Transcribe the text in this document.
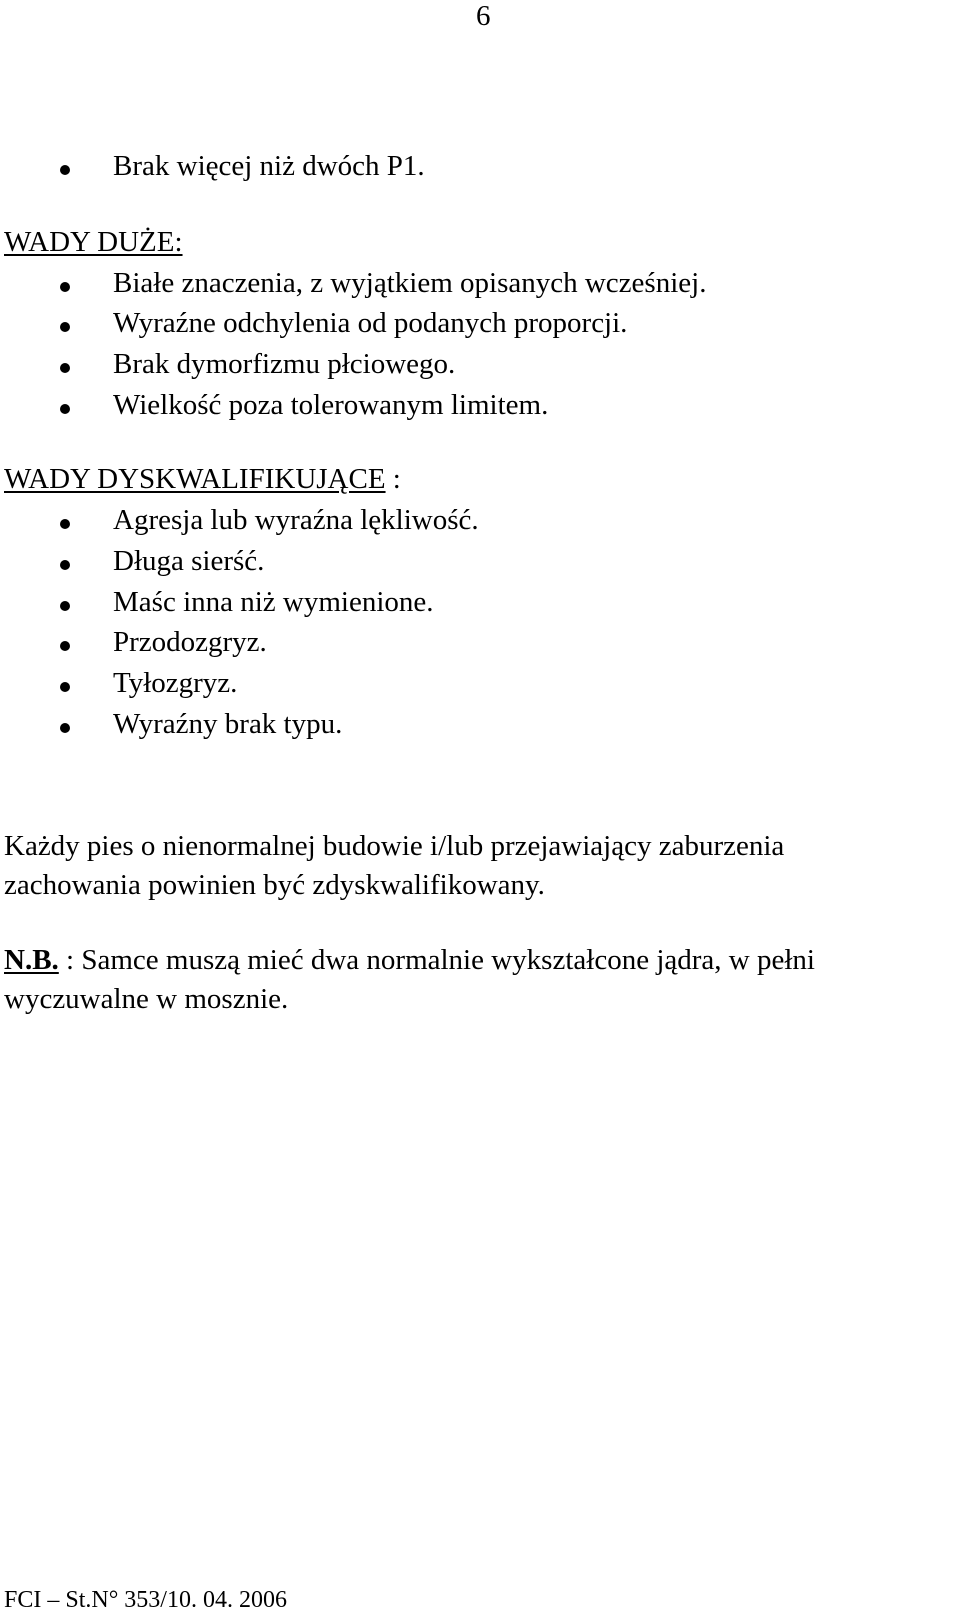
6
Brak więcej niż dwóch P1.
WADY DUŻE:
Białe znaczenia, z wyjątkiem opisanych wcześniej.
Wyraźne odchylenia od podanych proporcji.
Brak dymorfizmu płciowego.
Wielkość poza tolerowanym limitem.
WADY DYSKWALIFIKUJĄCE :
Agresja lub wyraźna lękliwość.
Długa sierść.
Maśc inna niż wymienione.
Przodozgryz.
Tyłozgryz.
Wyraźny brak typu.
Każdy pies o nienormalnej budowie i/lub przejawiający zaburzenia
zachowania powinien być zdyskwalifikowany.
N.B. : Samce muszą mieć dwa normalnie wykształcone jądra, w pełni
wyczuwalne w mosznie.
FCI – St.N° 353/10. 04. 2006
